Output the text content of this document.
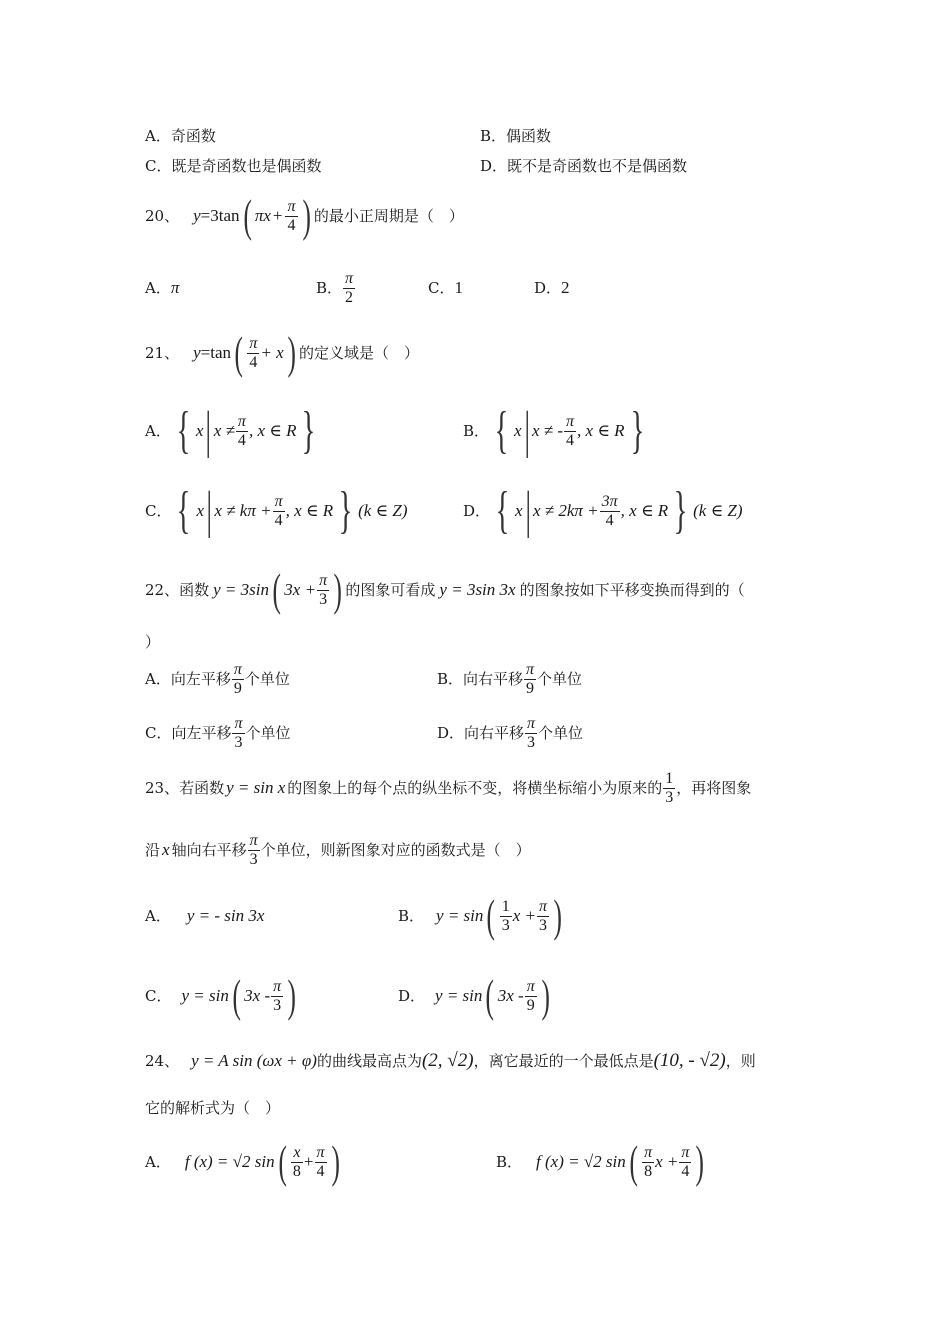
A．奇函数	B．偶函数
C．既是奇函数也是偶函数	D．既不是奇函数也不是偶函数
20、 y =3tan ( $\pi x + \frac{\pi}{4}$ ) 的最小正周期是（　）
A． π	B． $\frac{\pi}{2}$	C． 1	D． 2
21、 y =tan ( $\frac{\pi}{4} + x$ ) 的定义域是（　）
A． { x | $x \ne \frac{\pi}{4}$ , x ∈ R }	B． { x | x ≠ - $\frac{\pi}{4}$ , x ∈ R }
C． { x | $x \ne k\pi + \frac{\pi}{4}$ , x ∈ R } (k ∈ Z)	D． { x | $x \ne 2k\pi + \frac{3\pi}{4}$ , x ∈ R } (k ∈ Z)
22、函数 y = 3sin ( $3x + \frac{\pi}{3}$ ) 的图象可看成 y = 3sin 3x 的图象按如下平移变换而得到的（
）
A．向左平移 $\frac{\pi}{9}$ 个单位	B．向右平移 $\frac{\pi}{9}$ 个单位
C．向左平移 $\frac{\pi}{3}$ 个单位	D．向右平移 $\frac{\pi}{3}$ 个单位
23、若函数 y = sin x 的图象上的每个点的纵坐标不变，将横坐标缩小为原来的 $\frac{1}{3}$ ，再将图象
沿 x 轴向右平移 $\frac{\pi}{3}$ 个单位，则新图象对应的函数式是（　）
A． y = - sin 3x	B． y = sin ( $\frac{1}{3}$ $x + \frac{\pi}{3}$ )
C． y = sin ( $3x - \frac{\pi}{3}$ )	D． y = sin ( $3x - \frac{\pi}{9}$ )
24、 y = A sin (ωx + φ) 的曲线最高点为 (2, √2) ，离它最近的一个最低点是 (10, - √2) ，则
它的解析式为（　）
A． f (x) = √2 sin ( $\frac{x}{8} + \frac{\pi}{4}$ )	B． f (x) = √2 sin ( $\frac{\pi}{8}$ $x + \frac{\pi}{4}$ )
